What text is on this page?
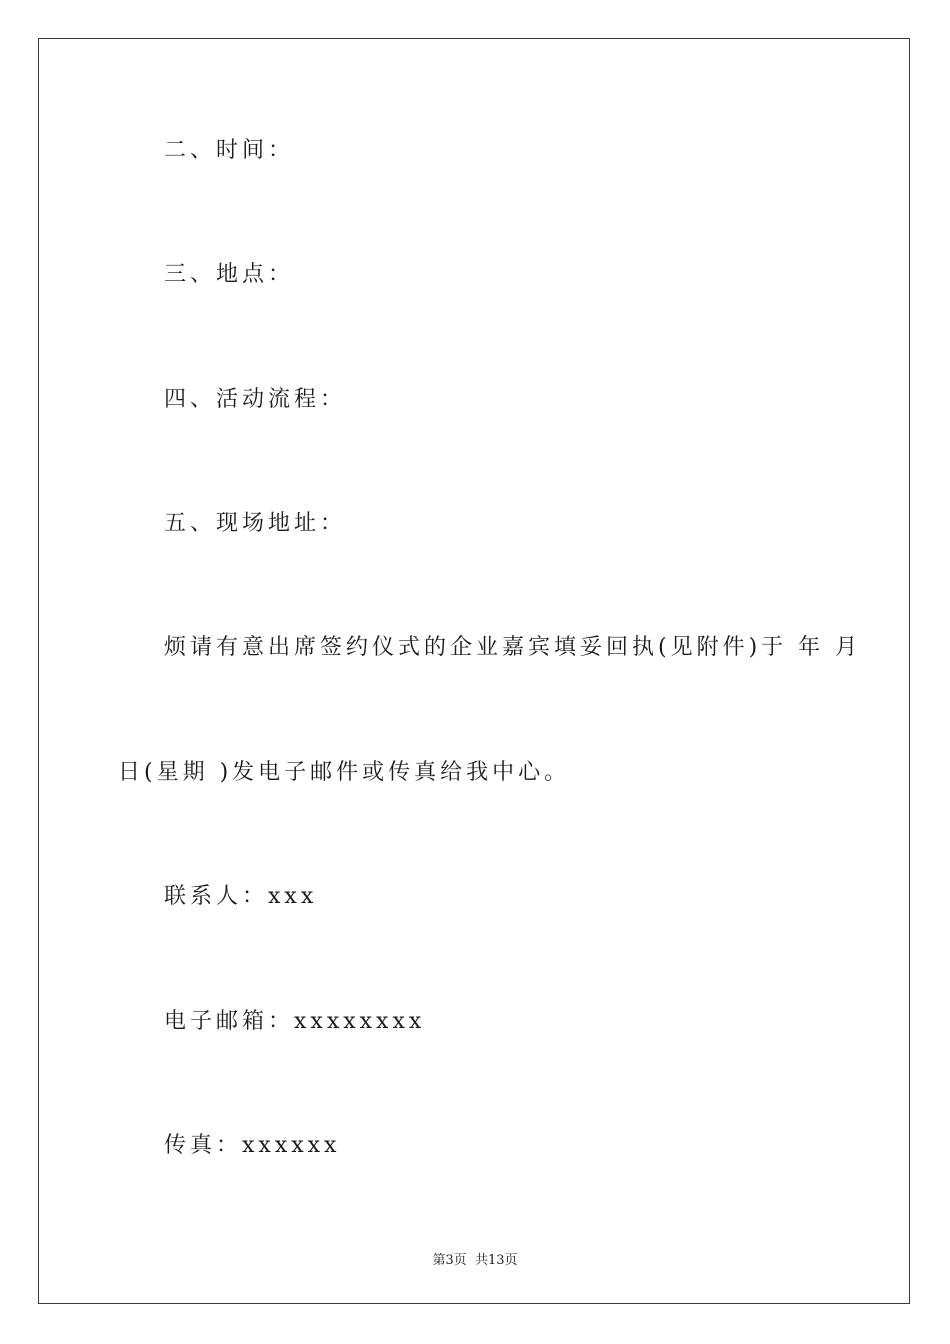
二、时间：
三、地点：
四、活动流程：
五、现场地址：
烦请有意出席签约仪式的企业嘉宾填妥回执(见附件)于 年 月
日(星期 )发电子邮件或传真给我中心。
联系人：xxx
电子邮箱：xxxxxxxx
传真：xxxxxx
第3页 共13页
